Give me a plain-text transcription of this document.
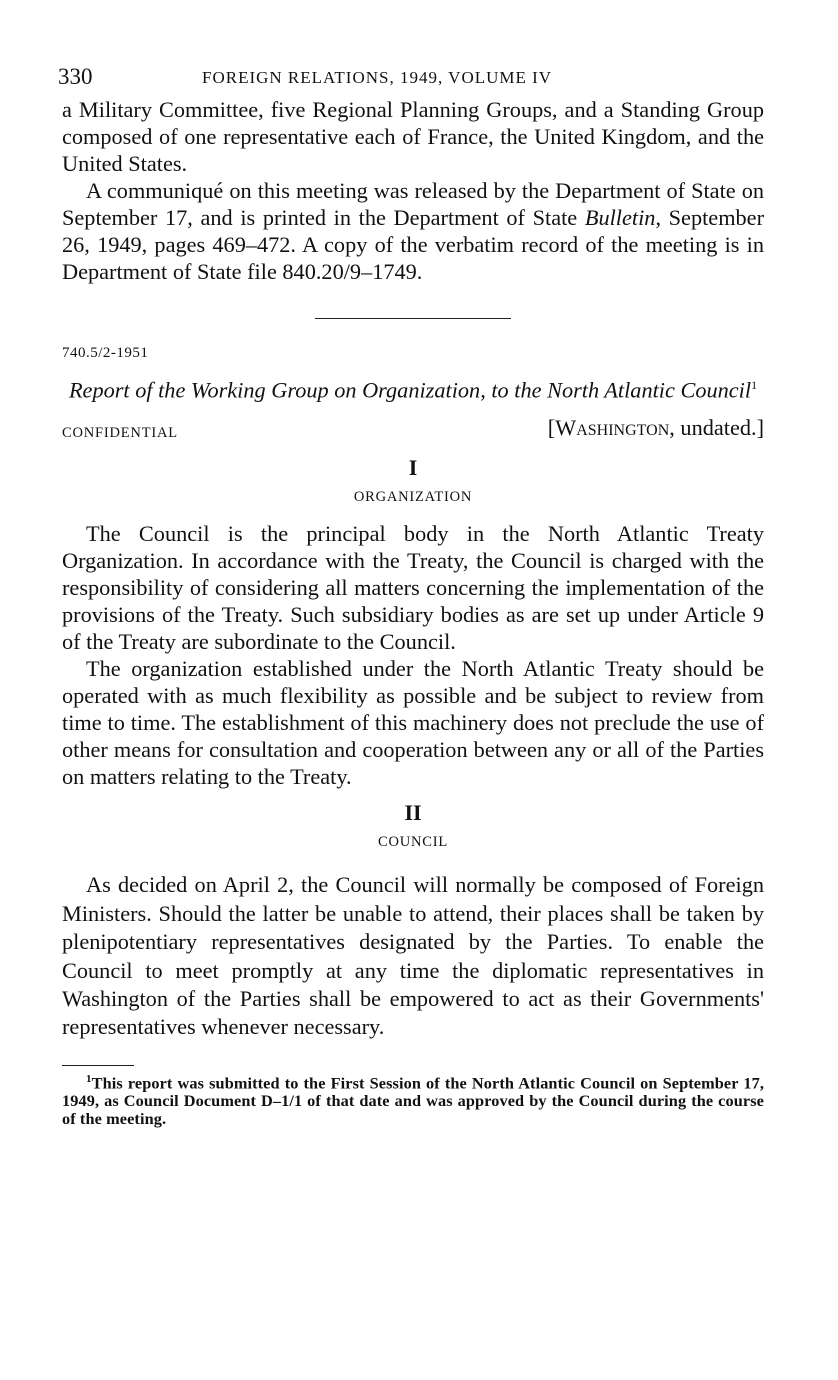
330	FOREIGN RELATIONS, 1949, VOLUME IV

a Military Committee, five Regional Planning Groups, and a Standing Group composed of one representative each of France, the United Kingdom, and the United States.

A communiqué on this meeting was released by the Department of State on September 17, and is printed in the Department of State Bulletin, September 26, 1949, pages 469–472. A copy of the verbatim record of the meeting is in Department of State file 840.20/9–1749.

740.5/2-1951
Report of the Working Group on Organization, to the North Atlantic Council$^1$
CONFIDENTIAL	[Washington, undated.]
I
ORGANIZATION

The Council is the principal body in the North Atlantic Treaty Organization. In accordance with the Treaty, the Council is charged with the responsibility of considering all matters concerning the implementation of the provisions of the Treaty. Such subsidiary bodies as are set up under Article 9 of the Treaty are subordinate to the Council.

The organization established under the North Atlantic Treaty should be operated with as much flexibility as possible and be subject to review from time to time. The establishment of this machinery does not preclude the use of other means for consultation and cooperation between any or all of the Parties on matters relating to the Treaty.

II
COUNCIL

As decided on April 2, the Council will normally be composed of Foreign Ministers. Should the latter be unable to attend, their places shall be taken by plenipotentiary representatives designated by the Parties. To enable the Council to meet promptly at any time the diplomatic representatives in Washington of the Parties shall be empowered to act as their Governments' representatives whenever necessary.

$^1$This report was submitted to the First Session of the North Atlantic Council on September 17, 1949, as Council Document D–1/1 of that date and was approved by the Council during the course of the meeting.
